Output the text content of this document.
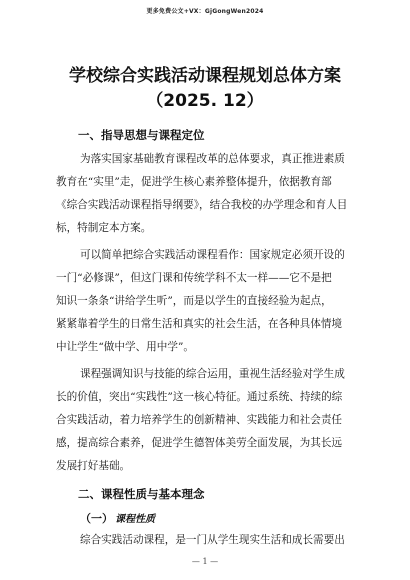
更多免费公文+VX：GjGongWen2024
学校综合实践活动课程规划总体方案
（2025. 12）
一、指导思想与课程定位
为落实国家基础教育课程改革的总体要求，真正推进素质
教育在“实里”走，促进学生核心素养整体提升，依据教育部
《综合实践活动课程指导纲要》，结合我校的办学理念和育人目
标，特制定本方案。
可以简单把综合实践活动课程看作：国家规定必须开设的
一门“必修课”，但这门课和传统学科不太一样——它不是把
知识一条条“讲给学生听”，而是以学生的直接经验为起点，
紧紧靠着学生的日常生活和真实的社会生活，在各种具体情境
中让学生“做中学、用中学”。
课程强调知识与技能的综合运用，重视生活经验对学生成
长的价值，突出“实践性”这一核心特征。通过系统、持续的综
合实践活动，着力培养学生的创新精神、实践能力和社会责任
感，提高综合素养，促进学生德智体美劳全面发展，为其长远
发展打好基础。
二、课程性质与基本理念
（一） 课程性质
综合实践活动课程，是一门从学生现实生活和成长需要出
— 1 —
